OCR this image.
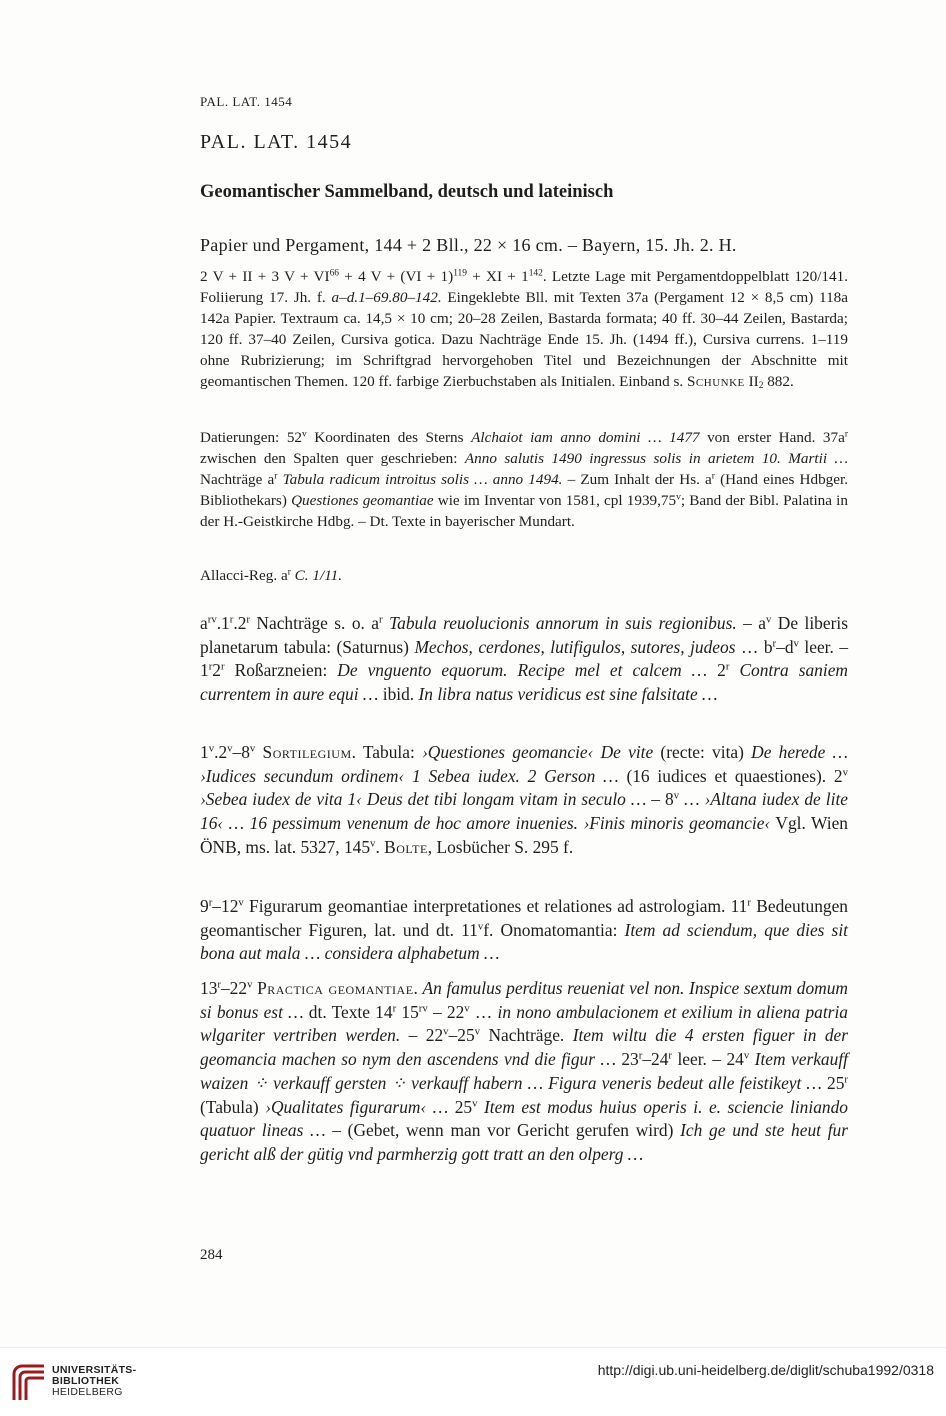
PAL. LAT. 1454
PAL. LAT. 1454
Geomantischer Sammelband, deutsch und lateinisch
Papier und Pergament, 144 + 2 Bll., 22 × 16 cm. – Bayern, 15. Jh. 2. H.
2 V + II + 3 $V + VI^{66} + 4$ V + (VI + 1)$^{119}$ + XI + $1^{142}$. Letzte Lage mit Pergamentdoppelblatt 120/141. Foliierung 17. Jh. f. a–d.1–69.80–142. Eingeklebte Bll. mit Texten 37a (Pergament 12 × 8,5 cm) 118a 142a Papier. Textraum ca. 14,5 × 10 cm; 20–28 Zeilen, Bastarda formata; 40 ff. 30–44 Zeilen, Bastarda; 120 ff. 37–40 Zeilen, Cursiva gotica. Dazu Nachträge Ende 15. Jh. (1494 ff.), Cursiva currens. 1–119 ohne Rubrizierung; im Schriftgrad hervorgehoben Titel und Bezeichnungen der Abschnitte mit geomantischen Themen. 120 ff. farbige Zierbuchstaben als Initialen. Einband s. Schunke $II_2$ 882.
Datierungen: 52$^v$ Koordinaten des Sterns Alchaiot iam anno domini … 1477 von erster Hand. $37a^r$ zwischen den Spalten quer geschrieben: Anno salutis 1490 ingressus solis in arietem 10. Martii … Nachträge $a^r$ Tabula radicum introitus solis … anno 1494. – Zum Inhalt der Hs. $a^r$ (Hand eines Hdbger. Bibliothekars) Questiones geomantiae wie im Inventar von 1581, cpl 1939,75$^v$; Band der Bibl. Palatina in der H.-Geistkirche Hdbg. – Dt. Texte in bayerischer Mundart.
Allacci-Reg. $a^r$ C. 1/11.
$a^{rv}.1^r.2^r$ Nachträge s. o. $a^r$ Tabula reuolucionis annorum in suis regionibus. – $a^v$ De liberis planetarum tabula: (Saturnus) Mechos, cerdones, lutifigulos, sutores, judeos … $b^r-d^v$ leer. – 1$^r$2$^r$ Roßarzneien: De vnguento equorum. Recipe mel et calcem … 2$^r$ Contra saniem currentem in aure equi … ibid. In libra natus veridicus est sine falsitate …
1$^v$.2$^v$–8$^v$ Sortilegium. Tabula: ›Questiones geomancie‹ De vite (recte: vita) De herede … ›Iudices secundum ordinem‹ 1 Sebea iudex. 2 Gerson … (16 iudices et quaestiones). 2$^v$ ›Sebea iudex de vita 1‹ Deus det tibi longam vitam in seculo … – 8$^v$ … ›Altana iudex de lite 16‹ … 16 pessimum venenum de hoc amore inuenies. ›Finis minoris geomancie‹ Vgl. Wien ÖNB, ms. lat. 5327, 145$^v$. Bolte, Losbücher S. 295 f.
9$^r$–12$^v$ Figurarum geomantiae interpretationes et relationes ad astrologiam. 11$^r$ Bedeutungen geomantischer Figuren, lat. und dt. 11$^v$f. Onomatomantia: Item ad sciendum, que dies sit bona aut mala … considera alphabetum …
13$^r$–22$^v$ Practica geomantiae. An famulus perditus reueniat vel non. Inspice sextum domum si bonus est … dt. Texte 14$^r$ $15^{rv} - 22^v$ … in nono ambulacionem et exilium in aliena patria wlgariter vertriben werden. – 22$^v$–25$^v$ Nachträge. Item wiltu die 4 ersten figuer in der geomancia machen so nym den ascendens vnd die figur … 23$^r$–24$^r$ leer. – 24$^v$ Item verkauff waizen ⁘ verkauff gersten ⁘ verkauff habern … Figura veneris bedeut alle feistikeyt … 25$^r$ (Tabula) ›Qualitates figurarum‹ … 25$^v$ Item est modus huius operis i. e. sciencie liniando quatuor lineas … – (Gebet, wenn man vor Gericht gerufen wird) Ich ge und ste heut fur gericht alß der gütig vnd parmherzig gott tratt an den olperg …
284
UNIVERSITÄTS-
BIBLIOTHEK
HEIDELBERG
http://digi.ub.uni-heidelberg.de/diglit/schuba1992/0318
